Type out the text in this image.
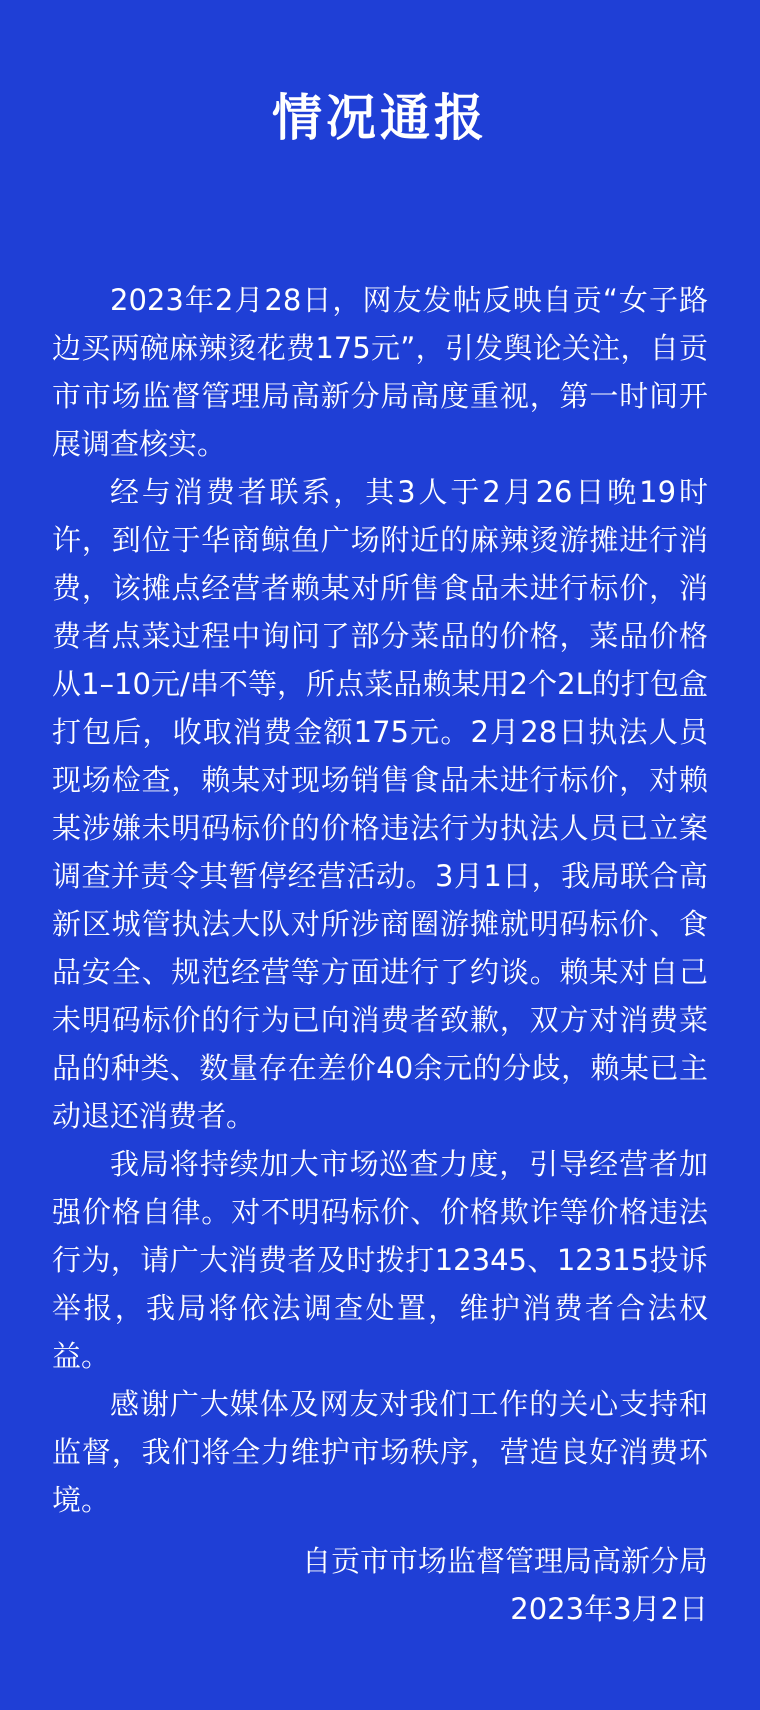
情况通报

2023年2月28日，网友发帖反映自贡“女子路边买两碗麻辣烫花费175元”，引发舆论关注，自贡市市场监督管理局高新分局高度重视，第一时间开展调查核实。

经与消费者联系，其3人于2月26日晚19时许，到位于华商鲸鱼广场附近的麻辣烫游摊进行消费，该摊点经营者赖某对所售食品未进行标价，消费者点菜过程中询问了部分菜品的价格，菜品价格从1–10元/串不等，所点菜品赖某用2个2L的打包盒打包后，收取消费金额175元。2月28日执法人员现场检查，赖某对现场销售食品未进行标价，对赖某涉嫌未明码标价的价格违法行为执法人员已立案调查并责令其暂停经营活动。3月1日，我局联合高新区城管执法大队对所涉商圈游摊就明码标价、食品安全、规范经营等方面进行了约谈。赖某对自己未明码标价的行为已向消费者致歉，双方对消费菜品的种类、数量存在差价40余元的分歧，赖某已主动退还消费者。

我局将持续加大市场巡查力度，引导经营者加强价格自律。对不明码标价、价格欺诈等价格违法行为，请广大消费者及时拨打12345、12315投诉举报，我局将依法调查处置，维护消费者合法权益。

感谢广大媒体及网友对我们工作的关心支持和监督，我们将全力维护市场秩序，营造良好消费环境。

自贡市市场监督管理局高新分局
2023年3月2日
